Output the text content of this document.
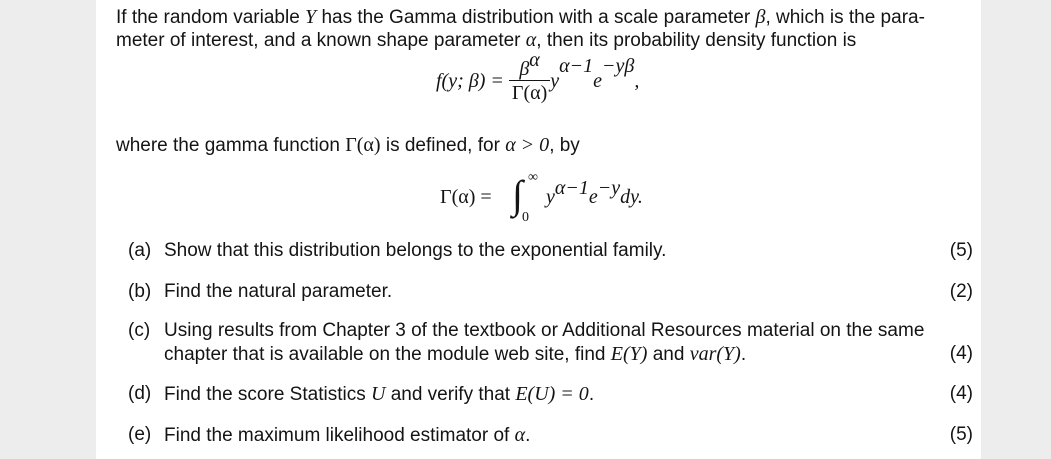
If the random variable Y has the Gamma distribution with a scale parameter β, which is the para-
meter of interest, and a known shape parameter α, then its probability density function is
f(y; $\beta) = \frac{\beta^\alpha}{\Gamma(\alpha)} y^{\alpha-1}e^{-y\beta}$,
where the gamma function Γ(α) is defined, for α > 0, by
Γ(α) = ∫ ∞
0
$y^{\alpha-1}e^{-y}dy$.
(a) Show that this distribution belongs to the exponential family.	(5)
(b) Find the natural parameter.	(2)
(c) Using results from Chapter 3 of the textbook or Additional Resources material on the same
chapter that is available on the module web site, find E(Y) and var(Y).	(4)
(d) Find the score Statistics U and verify that E(U) = 0.	(4)
(e) Find the maximum likelihood estimator of α.	(5)
